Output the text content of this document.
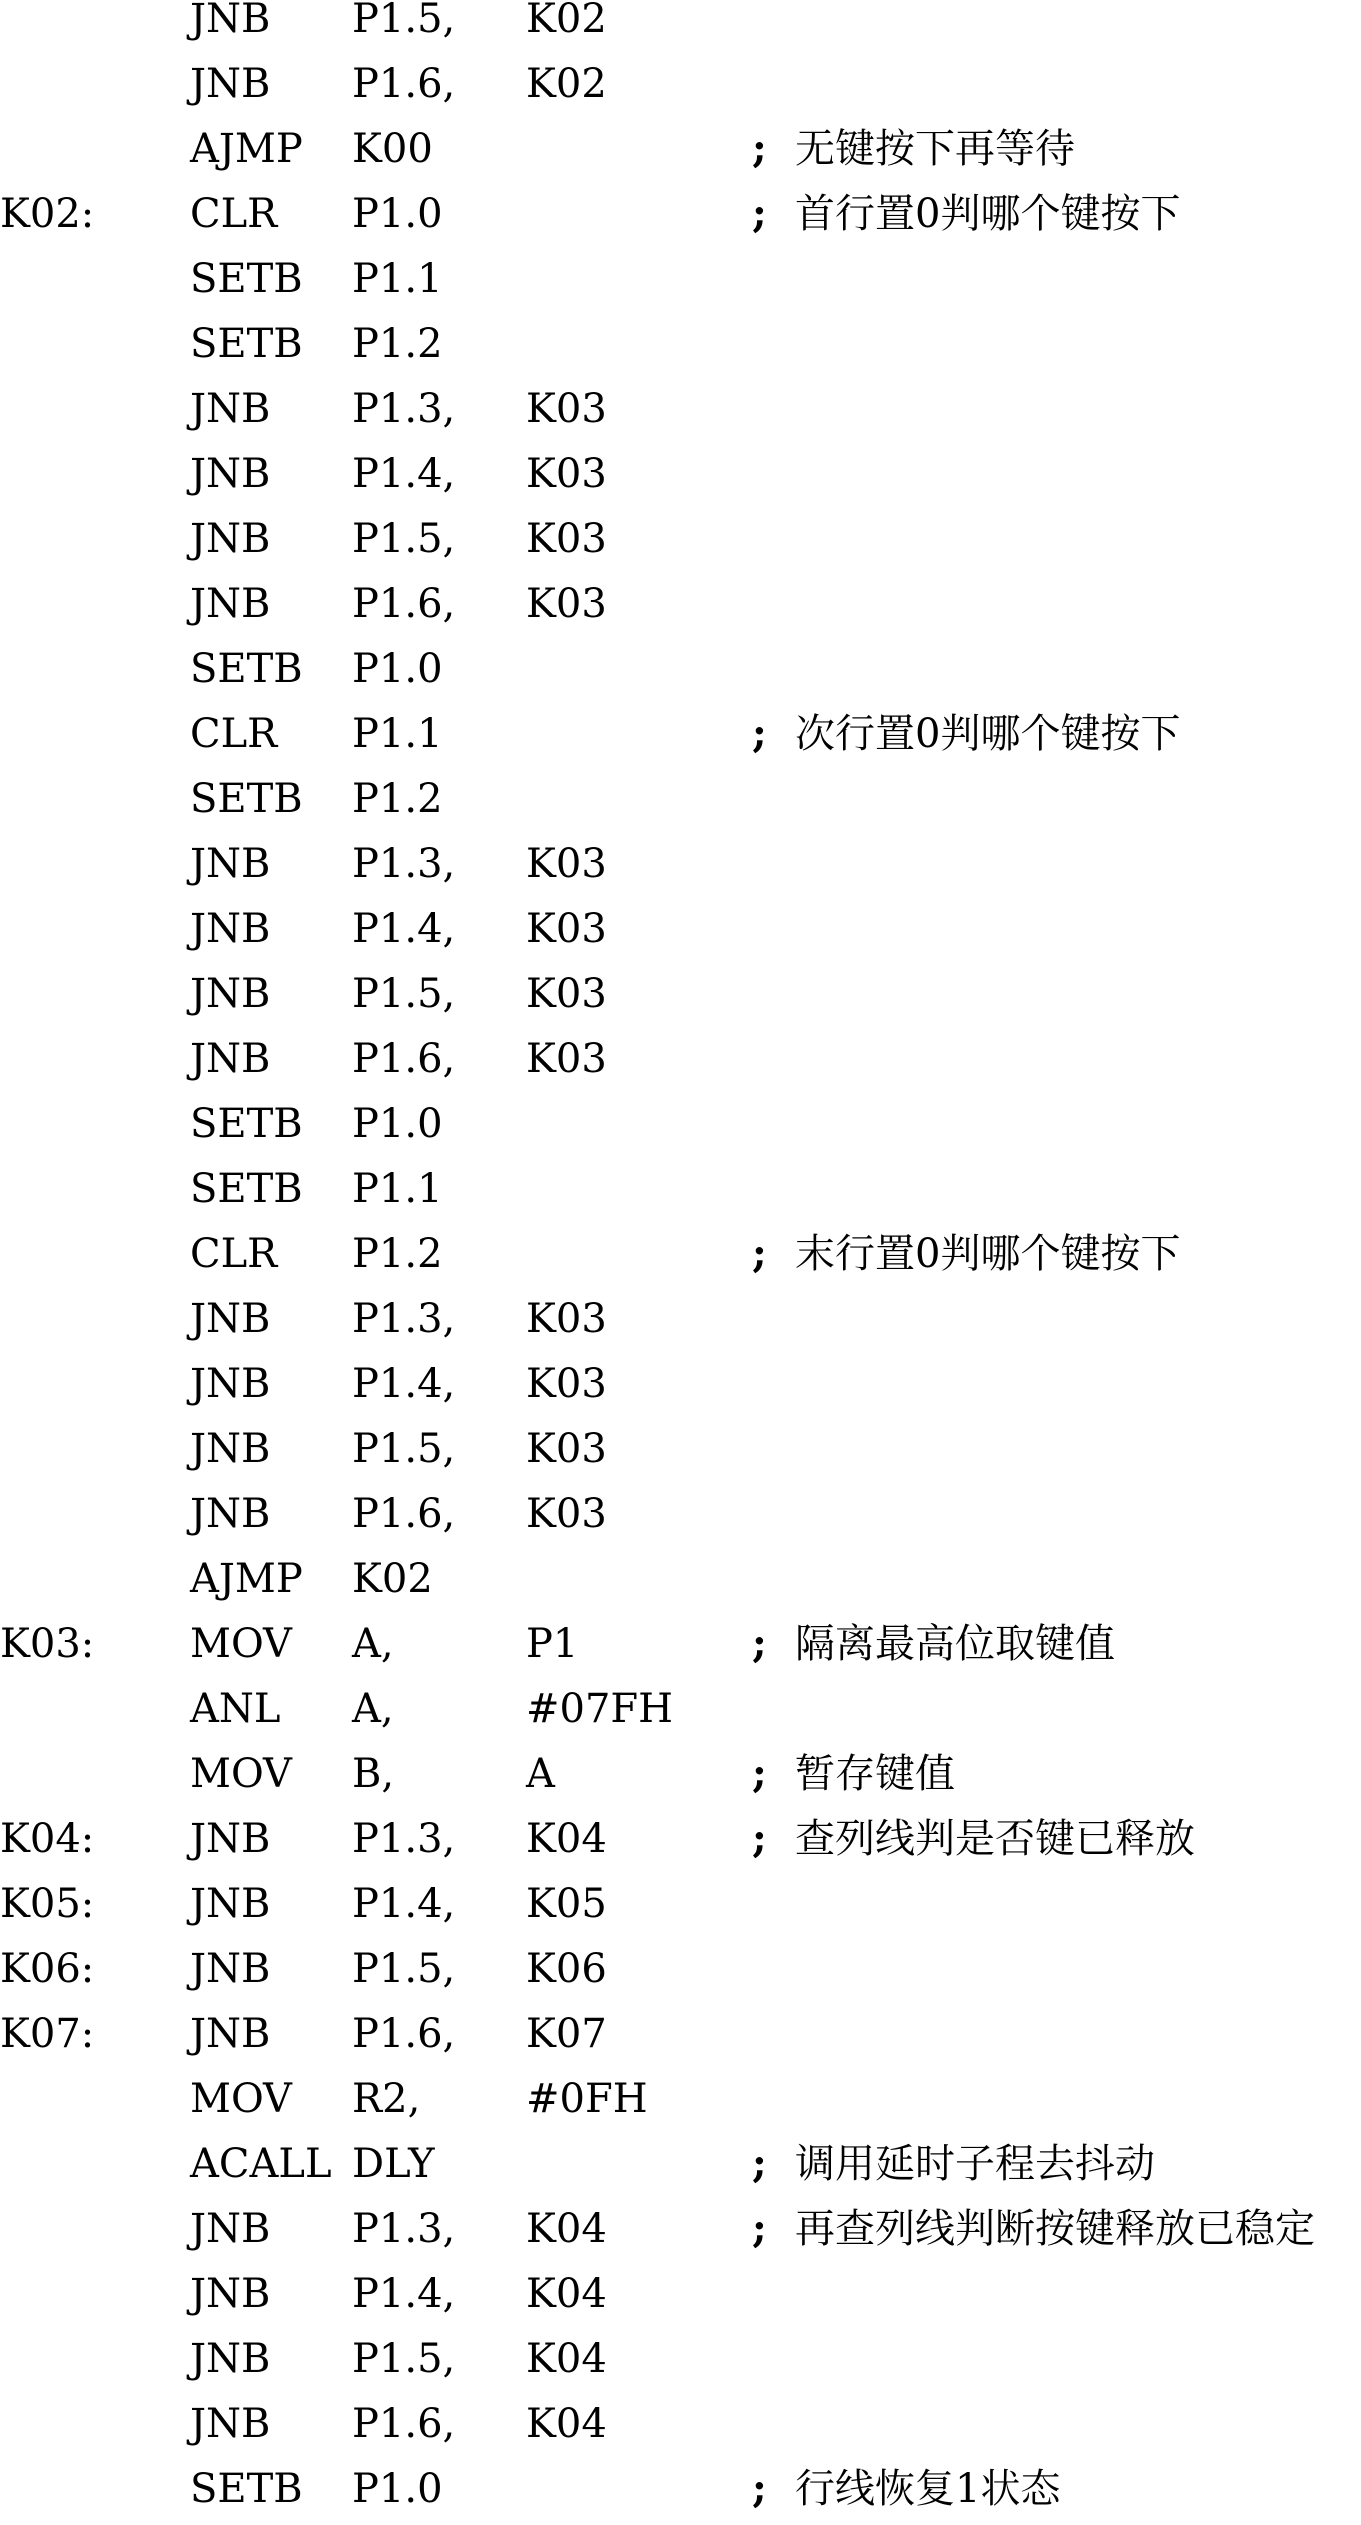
JNB P1.5, K02
JNB P1.6, K02
AJMP K00	; 无键按下再等待
K02: CLR P1.0	; 首行置0判哪个键按下
SETB P1.1
SETB P1.2
JNB P1.3, K03
JNB P1.4, K03
JNB P1.5, K03
JNB P1.6, K03
SETB P1.0
CLR P1.1	; 次行置0判哪个键按下
SETB P1.2
JNB P1.3, K03
JNB P1.4, K03
JNB P1.5, K03
JNB P1.6, K03
SETB P1.0
SETB P1.1
CLR P1.2	; 末行置0判哪个键按下
JNB P1.3, K03
JNB P1.4, K03
JNB P1.5, K03
JNB P1.6, K03
AJMP K02
K03: MOV A,	P1	; 隔离最高位取键值
ANL A,	#07FH
MOV B,	A	; 暂存键值
K04: JNB P1.3, K04	; 查列线判是否键已释放
K05: JNB P1.4, K05
K06: JNB P1.5, K06
K07: JNB P1.6, K07
MOV R2,	#0FH
ACALL DLY	; 调用延时子程去抖动
JNB P1.3, K04	; 再查列线判断按键释放已稳定
JNB P1.4, K04
JNB P1.5, K04
JNB P1.6, K04
SETB P1.0	; 行线恢复1状态
